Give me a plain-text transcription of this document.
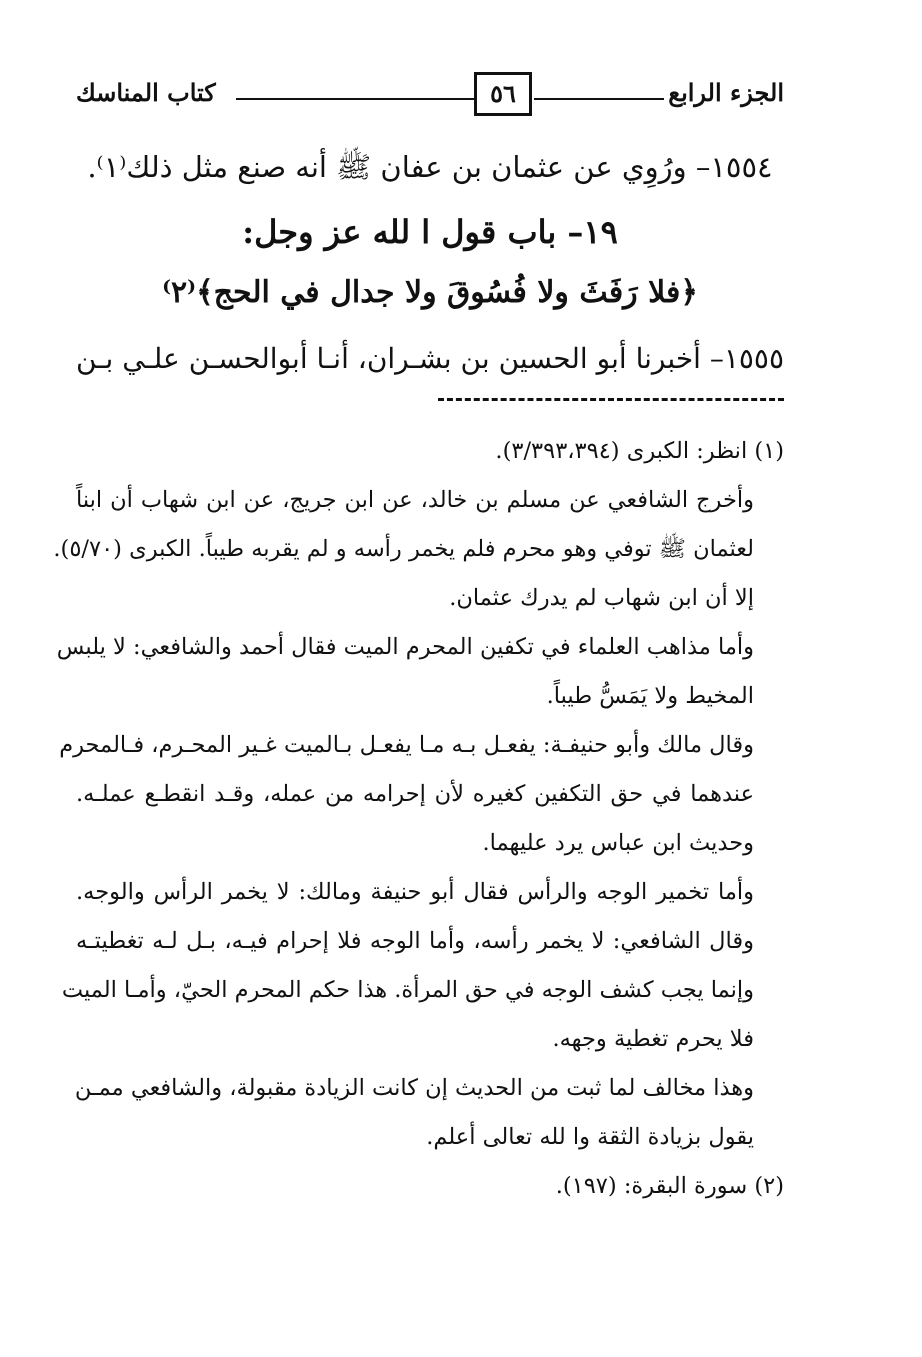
الجزء الرابع
٥٦
كتاب المناسك
١٥٥٤– ورُوِي عن عثمان بن عفان ﷺ أنه صنع مثل ذلك⁽١⁾.
١٩– باب قول ا لله عز وجل:
﴿فلا رَفَثَ ولا فُسُوقَ ولا جدال في الحج﴾⁽٢⁾
١٥٥٥– أخبرنا أبو الحسين بن بشـران، أنـا أبوالحسـن علـي بـن
(١) انظر: الكبرى (٣/٣٩٣،٣٩٤).
وأخرج الشافعي عن مسلم بن خالد، عن ابن جريج، عن ابن شهاب أن ابناً
لعثمان ﷺ توفي وهو محرم فلم يخمر رأسه و لم يقربه طيباً. الكبرى (٥/٧٠).
إلا أن ابن شهاب لم يدرك عثمان.
وأما مذاهب العلماء في تكفين المحرم الميت فقال أحمد والشافعي: لا يلبس
المخيط ولا يَمَسُّ طيباً.
وقال مالك وأبو حنيفـة: يفعـل بـه مـا يفعـل بـالميت غـير المحـرم، فـالمحرم
عندهما في حق التكفين كغيره لأن إحرامه من عمله، وقـد انقطـع عملـه.
وحديث ابن عباس يرد عليهما.
وأما تخمير الوجه والرأس فقال أبو حنيفة ومالك: لا يخمر الرأس والوجه.
وقال الشافعي: لا يخمر رأسه، وأما الوجه فلا إحرام فيـه، بـل لـه تغطيتـه
وإنما يجب كشف الوجه في حق المرأة. هذا حكم المحرم الحيّ، وأمـا الميت
فلا يحرم تغطية وجهه.
وهذا مخالف لما ثبت من الحديث إن كانت الزيادة مقبولة، والشافعي ممـن
يقول بزيادة الثقة وا لله تعالى أعلم.
(٢) سورة البقرة: (١٩٧).
